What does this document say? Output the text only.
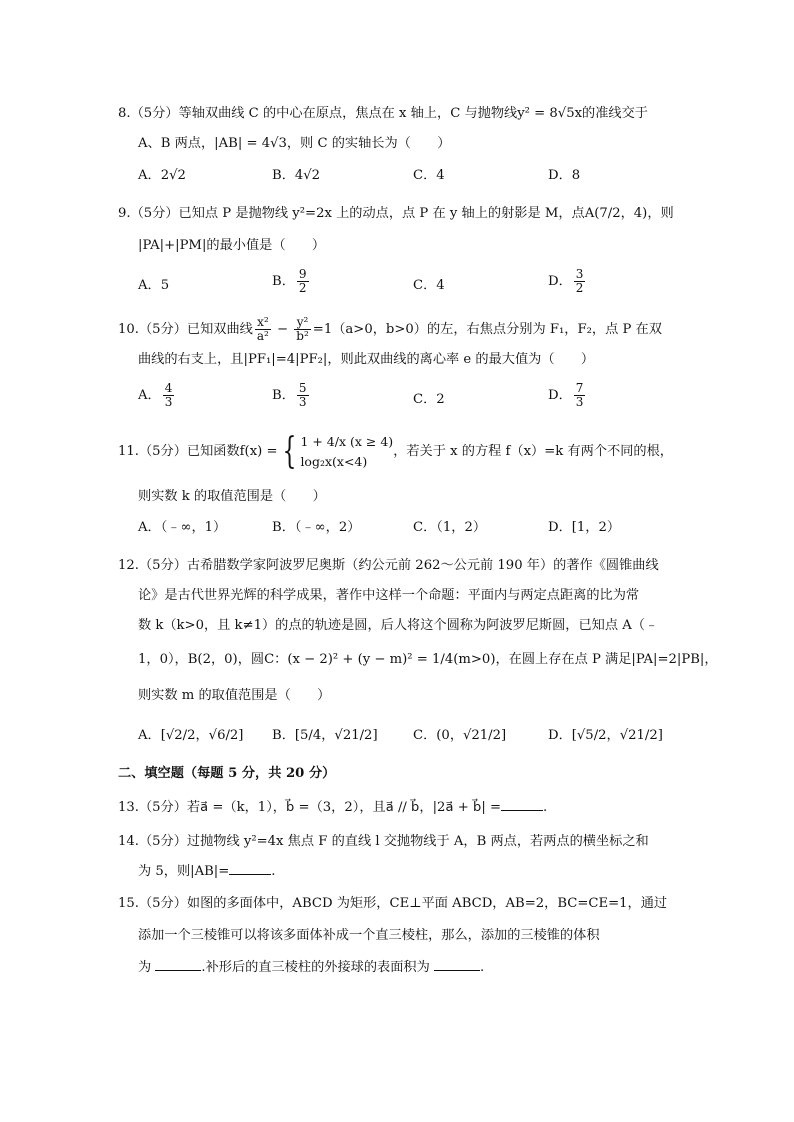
8.（5分）等轴双曲线 C 的中心在原点，焦点在 x 轴上，C 与抛物线y² = 8√5x的准线交于
A、B 两点，|AB| = 4√3，则 C 的实轴长为（　　）
A．2√2	B．4√2	C．4	D．8
9.（5分）已知点 P 是抛物线 y²=2x 上的动点，点 P 在 y 轴上的射影是 M，点A(7/2，4)，则
|PA|+|PM|的最小值是（　　）
A．5	B． $\frac{9}{2}$	C．4	D． $\frac{3}{2}$
10.（5分）已知双曲线 $\frac{\text{x²}}{\text{a²}} - \frac{\text{y²}}{\text{b²}} =1(a>0$，b>0）的左，右焦点分别为 F₁，F₂，点 P 在双
曲线的右支上，且|PF₁|=4|PF₂|，则此双曲线的离心率 e 的最大值为（　　）
A． $\frac{4}{3}$	B． $\frac{5}{3}$	C．2	D． $\frac{7}{3}$
11.（5分）已知函数f(x) = { 1 + 4/x (x ≥ 4)
log₂x(x<4)
，若关于 x 的方程 f（x）=k 有两个不同的根，
则实数 k 的取值范围是（　　）
A．（﹣∞，1）	B．（﹣∞，2）	C．（1，2）	D．[1，2）
12.（5分）古希腊数学家阿波罗尼奥斯（约公元前 262～公元前 190 年）的著作《圆锥曲线
论》是古代世界光辉的科学成果，著作中这样一个命题：平面内与两定点距离的比为常
数 k（k>0，且 k≠1）的点的轨迹是圆，后人将这个圆称为阿波罗尼斯圆，已知点 A（﹣
1，0），B(2，0)，圆C：(x − 2)² + (y − m)² = 1/4(m>0)，在圆上存在点 P 满足|PA|=2|PB|，
则实数 m 的取值范围是（　　）
A．[√2/2，√6/2] B．[5/4，√21/2]	C．(0，√21/2]	D．[√5/2，√21/2]
二、填空题（每题 5 分，共 20 分）
13.（5分）若a⃗ =（k，1），b⃗ =（3，2），且a⃗ // b⃗，|2a⃗ + b⃗| =	.
14.（5分）过抛物线 y²=4x 焦点 F 的直线 l 交抛物线于 A，B 两点，若两点的横坐标之和
为 5，则|AB|=	.
15.（5分）如图的多面体中，ABCD 为矩形，CE⊥平面 ABCD，AB=2，BC=CE=1，通过
添加一个三棱锥可以将该多面体补成一个直三棱柱，那么，添加的三棱锥的体积
为	.补形后的直三棱柱的外接球的表面积为	.
